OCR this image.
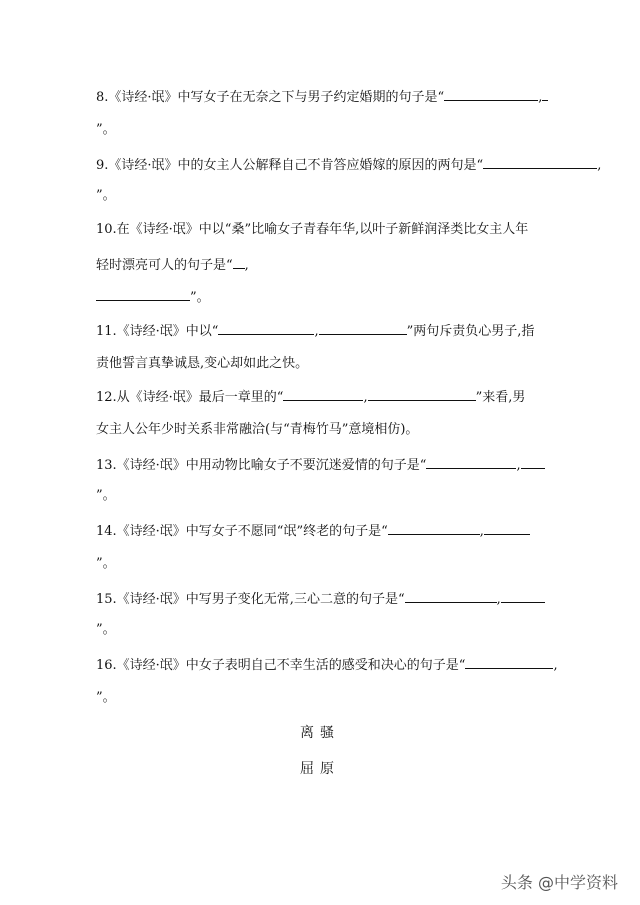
8.《诗经·氓》中写女子在无奈之下与男子约定婚期的句子是“	,
”。
9.《诗经·氓》中的女主人公解释自己不肯答应婚嫁的原因的两句是“	,
”。
10.在《诗经·氓》中以“桑”比喻女子青春年华,以叶子新鲜润泽类比女主人年
轻时漂亮可人的句子是“ ,
”。
11.《诗经·氓》中以“	,	”两句斥责负心男子,指
责他誓言真挚诚恳,变心却如此之快。
12.从《诗经·氓》最后一章里的“	,	”来看,男
女主人公年少时关系非常融洽(与“青梅竹马”意境相仿)。
13.《诗经·氓》中用动物比喻女子不要沉迷爱情的句子是“	,
”。
14.《诗经·氓》中写女子不愿同“氓”终老的句子是“	,
”。
15.《诗经·氓》中写男子变化无常,三心二意的句子是“	,
”。
16.《诗经·氓》中女子表明自己不幸生活的感受和决心的句子是“	,
”。
离骚
屈原
头条 @中学资料
